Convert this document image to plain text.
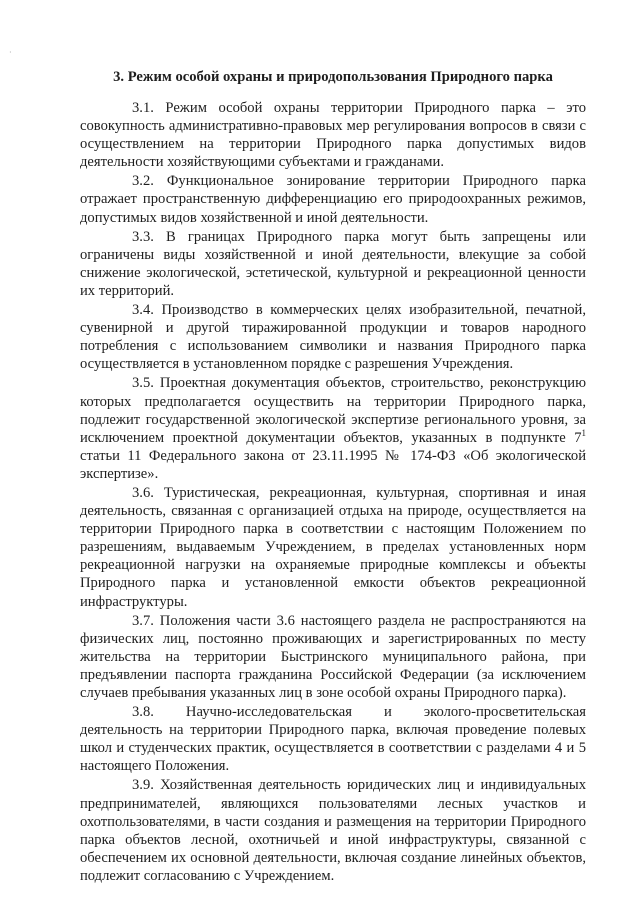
·
3. Режим особой охраны и природопользования Природного парка

3.1. Режим особой охраны территории Природного парка – это совокупность административно-правовых мер регулирования вопросов в связи с осуществлением на территории Природного парка допустимых видов деятельности хозяйствующими субъектами и гражданами.

3.2. Функциональное зонирование территории Природного парка отражает пространственную дифференциацию его природоохранных режимов, допустимых видов хозяйственной и иной деятельности.

3.3. В границах Природного парка могут быть запрещены или ограничены виды хозяйственной и иной деятельности, влекущие за собой снижение экологической, эстетической, культурной и рекреационной ценности их территорий.

3.4. Производство в коммерческих целях изобразительной, печатной, сувенирной и другой тиражированной продукции и товаров народного потребления с использованием символики и названия Природного парка осуществляется в установленном порядке с разрешения Учреждения.

3.5. Проектная документация объектов, строительство, реконструкцию которых предполагается осуществить на территории Природного парка, подлежит государственной экологической экспертизе регионального уровня, за исключением проектной документации объектов, указанных в подпункте $7^1$ статьи 11 Федерального закона от 23.11.1995 № 174-ФЗ «Об экологической экспертизе».

3.6. Туристическая, рекреационная, культурная, спортивная и иная деятельность, связанная с организацией отдыха на природе, осуществляется на территории Природного парка в соответствии с настоящим Положением по разрешениям, выдаваемым Учреждением, в пределах установленных норм рекреационной нагрузки на охраняемые природные комплексы и объекты Природного парка и установленной емкости объектов рекреационной инфраструктуры.

3.7. Положения части 3.6 настоящего раздела не распространяются на физических лиц, постоянно проживающих и зарегистрированных по месту жительства на территории Быстринского муниципального района, при предъявлении паспорта гражданина Российской Федерации (за исключением случаев пребывания указанных лиц в зоне особой охраны Природного парка).

3.8. Научно-исследовательская и эколого-просветительская деятельность на территории Природного парка, включая проведение полевых школ и студенческих практик, осуществляется в соответствии с разделами 4 и 5 настоящего Положения.

3.9. Хозяйственная деятельность юридических лиц и индивидуальных предпринимателей, являющихся пользователями лесных участков и охотпользователями, в части создания и размещения на территории Природного парка объектов лесной, охотничьей и иной инфраструктуры, связанной с обеспечением их основной деятельности, включая создание линейных объектов, подлежит согласованию с Учреждением.
